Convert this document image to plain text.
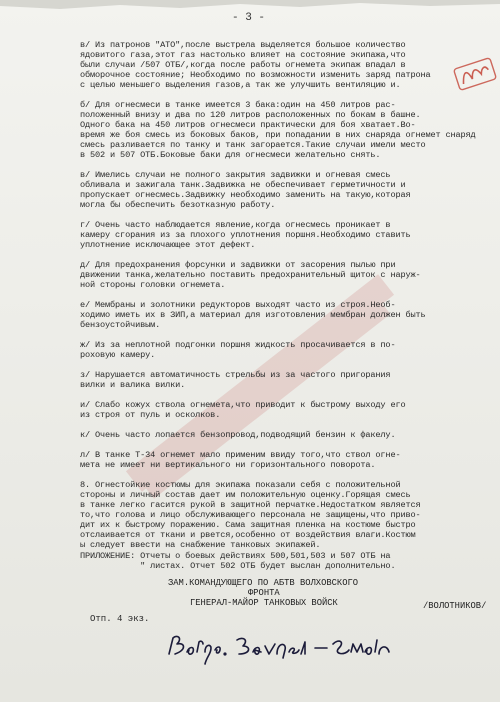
- 3 -
в/ Из патронов "АТО",после выстрела выделяется большое количество
ядовитого газа,этот газ настолько влияет на состояние экипажа,что
были случаи /507 ОТБ/,когда после работы огнемета экипаж впадал в
обморочное состояние; Необходимо по возможности изменить заряд патрона
с целью меньшего выделения газов,а так же улучшить вентиляцию и.
б/ Для огнесмеси в танке имеется 3 бака:один на 450 литров рас-
положенный внизу и два по 120 литров расположенных по бокам в башне.
Одного бака на 450 литров огнесмеси практически для боя хватает.Во-
время же боя смесь из боковых баков, при попадании в них снаряда огнемет снаряд
смесь разливается по танку и танк загорается.Такие случаи имели место
в 502 и 507 ОТБ.Боковые баки для огнесмеси желательно снять.
в/ Имелись случаи не полного закрытия задвижки и огневая смесь
обливала и зажигала танк.Задвижка не обеспечивает герметичности и
пропускает огнесмесь.Задвижку необходимо заменить на такую,которая
могла бы обеспечить безотказную работу.
г/ Очень часто наблюдается явление,когда огнесмесь проникает в
камеру сгорания из за плохого уплотнения поршня.Необходимо ставить
уплотнение исключающее этот дефект.
д/ Для предохранения форсунки и задвижки от засорения пылью при
движении танка,желательно поставить предохранительный щиток с наруж-
ной стороны головки огнемета.
е/ Мембраны и золотники редукторов выходят часто из строя.Необ-
ходимо иметь их в ЗИП,а материал для изготовления мембран должен быть
бензоустойчивым.
ж/ Из за неплотной подгонки поршня жидкость просачивается в по-
роховую камеру.
з/ Нарушается автоматичность стрельбы из за частого пригорания
вилки и валика вилки.
и/ Слабо кожух ствола огнемета,что приводит к быстрому выходу его
из строя от пуль и осколков.
к/ Очень часто лопается бензопровод,подводящий бензин к факелу.
л/ В танке Т-34 огнемет мало применим ввиду того,что ствол огне-
мета не имеет ни вертикального ни горизонтального поворота.
8. Огнестойкие костюмы для экипажа показали себя с положительной
стороны и личный состав дает им положительную оценку.Горящая смесь
в танке легко гасится рукой в защитной перчатке.Недостатком является
то,что голова и лицо обслуживающего персонала не защищены,что приво-
дит их к быстрому поражению. Сама защитная пленка на костюме быстро
отслаивается от ткани и рвется,особенно от воздействия влаги.Костюм
ы следует ввести на снабжение танковых экипажей.
ПРИЛОЖЕНИЕ: Отчеты о боевых действиях 500,501,503 и 507 ОТБ на
" листах. Отчет 502 ОТБ будет выслан дополнительно.
ЗАМ.КОМАНДУЮЩЕГО ПО АБТВ ВОЛХОВСКОГО
ФРОНТА
ГЕНЕРАЛ-МАЙОР ТАНКОВЫХ ВОЙСК	/ВОЛОТНИКОВ/
Отп. 4 экз.
